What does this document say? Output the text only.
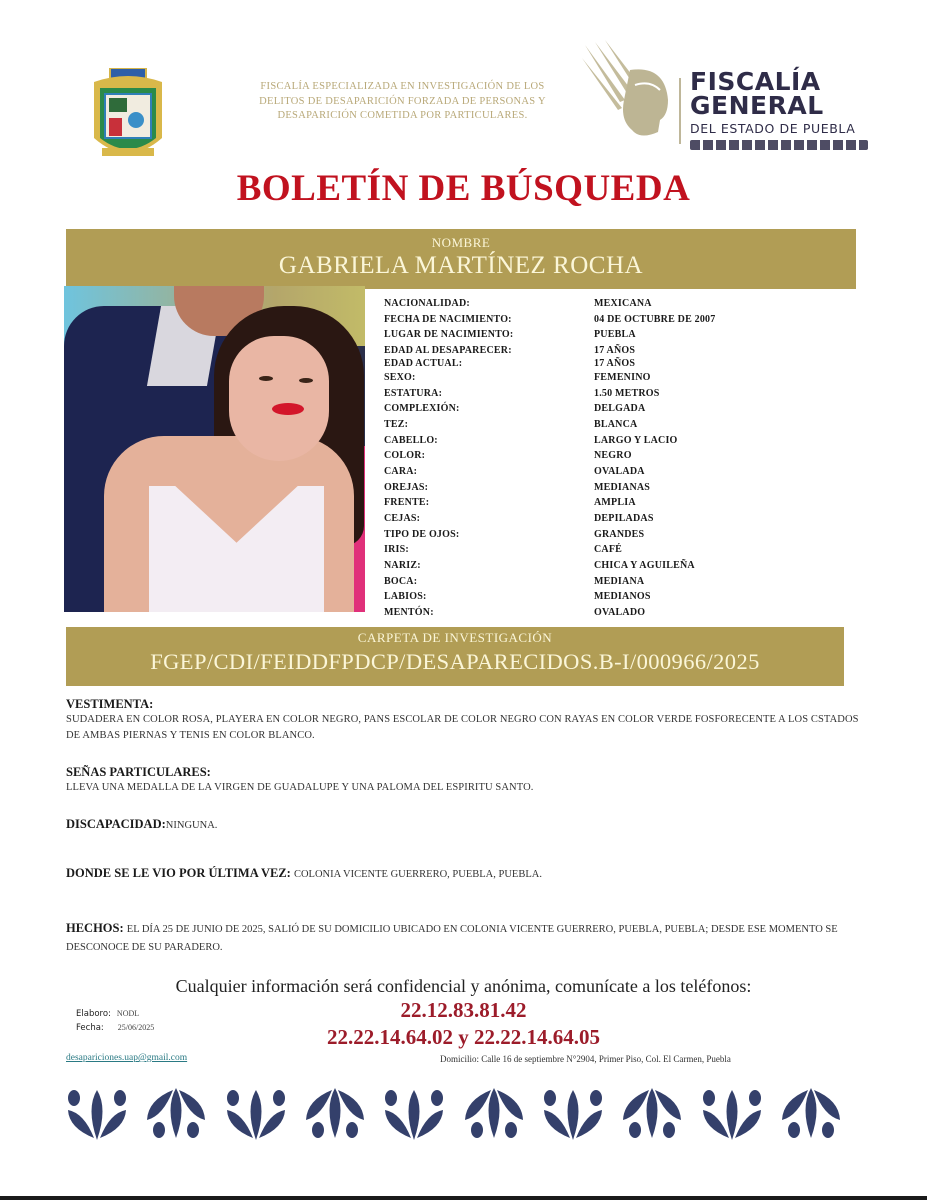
FISCALÍA ESPECIALIZADA EN INVESTIGACIÓN DE LOS DELITOS DE DESAPARICIÓN FORZADA DE PERSONAS Y DESAPARICIÓN COMETIDA POR PARTICULARES.
FISCALÍA
GENERAL
DEL ESTADO DE PUEBLA
BOLETÍN DE BÚSQUEDA
NOMBRE
GABRIELA MARTÍNEZ ROCHA
NACIONALIDAD:	MEXICANA
FECHA DE NACIMIENTO:	04 DE OCTUBRE DE 2007
LUGAR DE NACIMIENTO:	PUEBLA
EDAD AL DESAPARECER:	17 AÑOS
EDAD ACTUAL:	17 AÑOS
SEXO:	FEMENINO
ESTATURA:	1.50 METROS
COMPLEXIÓN:	DELGADA
TEZ:	BLANCA
CABELLO:	LARGO Y LACIO
COLOR:	NEGRO
CARA:	OVALADA
OREJAS:	MEDIANAS
FRENTE:	AMPLIA
CEJAS:	DEPILADAS
TIPO DE OJOS:	GRANDES
IRIS:	CAFÉ
NARIZ:	CHICA Y AGUILEÑA
BOCA:	MEDIANA
LABIOS:	MEDIANOS
MENTÓN:	OVALADO
CARPETA DE INVESTIGACIÓN
FGEP/CDI/FEIDDFPDCP/DESAPARECIDOS.B-I/000966/2025
VESTIMENTA:
SUDADERA EN COLOR ROSA, PLAYERA EN COLOR NEGRO, PANS ESCOLAR DE COLOR NEGRO CON RAYAS EN COLOR VERDE FOSFORECENTE A LOS CSTADOS DE AMBAS PIERNAS Y TENIS EN COLOR BLANCO.
SEÑAS PARTICULARES:
LLEVA UNA MEDALLA DE LA VIRGEN DE GUADALUPE Y UNA PALOMA DEL ESPIRITU SANTO.
DISCAPACIDAD:NINGUNA.
DONDE SE LE VIO POR ÚLTIMA VEZ: COLONIA VICENTE GUERRERO, PUEBLA, PUEBLA.
HECHOS: EL DÍA 25 DE JUNIO DE 2025, SALIÓ DE SU DOMICILIO UBICADO EN COLONIA VICENTE GUERRERO, PUEBLA, PUEBLA; DESDE ESE MOMENTO SE DESCONOCE DE SU PARADERO.
Cualquier información será confidencial y anónima, comunícate a los teléfonos:
22.12.83.81.42
22.22.14.64.02 y 22.22.14.64.05
Elaboro: NODL
Fecha: 25/06/2025
desapariciones.uap@gmail.com	Domicilio: Calle 16 de septiembre N°2904, Primer Piso, Col. El Carmen, Puebla
